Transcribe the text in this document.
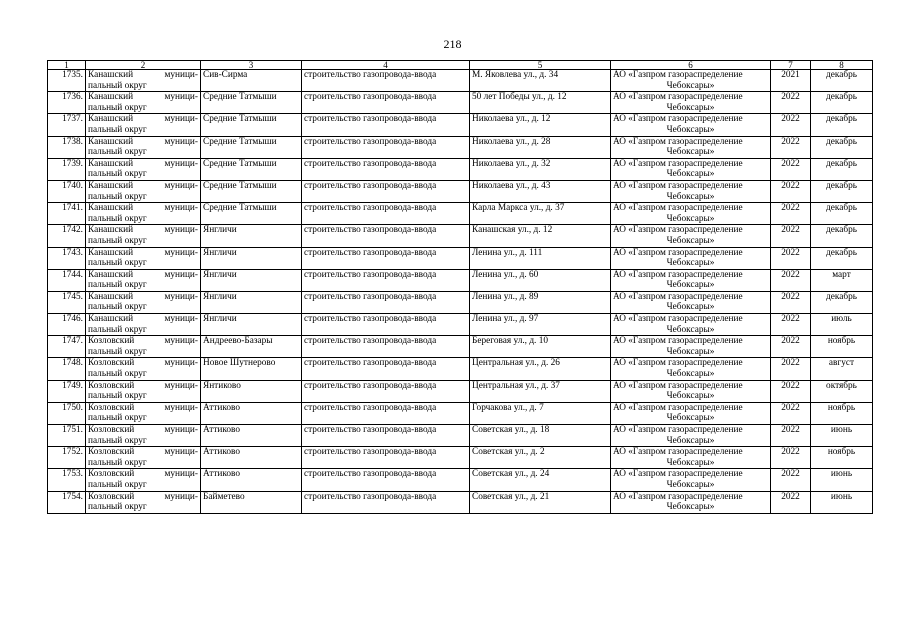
218
1	2	3	4	5	6	7	8
1735.	Канашский муници-
пальный округ	Сив-Сирма	строительство газопровода-ввода	М. Яковлева ул., д. 34	АО «Газпром газораспределение
Чебоксары»	2021	декабрь
1736.	Канашский муници-
пальный округ	Средние Татмыши	строительство газопровода-ввода	50 лет Победы ул., д. 12	АО «Газпром газораспределение
Чебоксары»	2022	декабрь
1737.	Канашский муници-
пальный округ	Средние Татмыши	строительство газопровода-ввода	Николаева ул., д. 12	АО «Газпром газораспределение
Чебоксары»	2022	декабрь
1738.	Канашский муници-
пальный округ	Средние Татмыши	строительство газопровода-ввода	Николаева ул., д. 28	АО «Газпром газораспределение
Чебоксары»	2022	декабрь
1739.	Канашский муници-
пальный округ	Средние Татмыши	строительство газопровода-ввода	Николаева ул., д. 32	АО «Газпром газораспределение
Чебоксары»	2022	декабрь
1740.	Канашский муници-
пальный округ	Средние Татмыши	строительство газопровода-ввода	Николаева ул., д. 43	АО «Газпром газораспределение
Чебоксары»	2022	декабрь
1741.	Канашский муници-
пальный округ	Средние Татмыши	строительство газопровода-ввода	Карла Маркса ул., д. 37	АО «Газпром газораспределение
Чебоксары»	2022	декабрь
1742.	Канашский муници-
пальный округ	Янгличи	строительство газопровода-ввода	Канашская ул., д. 12	АО «Газпром газораспределение
Чебоксары»	2022	декабрь
1743.	Канашский муници-
пальный округ	Янгличи	строительство газопровода-ввода	Ленина ул., д. 111	АО «Газпром газораспределение
Чебоксары»	2022	декабрь
1744.	Канашский муници-
пальный округ	Янгличи	строительство газопровода-ввода	Ленина ул., д. 60	АО «Газпром газораспределение
Чебоксары»	2022	март
1745.	Канашский муници-
пальный округ	Янгличи	строительство газопровода-ввода	Ленина ул., д. 89	АО «Газпром газораспределение
Чебоксары»	2022	декабрь
1746.	Канашский муници-
пальный округ	Янгличи	строительство газопровода-ввода	Ленина ул., д. 97	АО «Газпром газораспределение
Чебоксары»	2022	июль
1747.	Козловский муници-
пальный округ	Андреево-Базары	строительство газопровода-ввода	Береговая ул., д. 10	АО «Газпром газораспределение
Чебоксары»	2022	ноябрь
1748.	Козловский муници-
пальный округ	Новое Шутнерово	строительство газопровода-ввода	Центральная ул., д. 26	АО «Газпром газораспределение
Чебоксары»	2022	август
1749.	Козловский муници-
пальный округ	Янтиково	строительство газопровода-ввода	Центральная ул., д. 37	АО «Газпром газораспределение
Чебоксары»	2022	октябрь
1750.	Козловский муници-
пальный округ	Аттиково	строительство газопровода-ввода	Горчакова ул., д. 7	АО «Газпром газораспределение
Чебоксары»	2022	ноябрь
1751.	Козловский муници-
пальный округ	Аттиково	строительство газопровода-ввода	Советская ул., д. 18	АО «Газпром газораспределение
Чебоксары»	2022	июнь
1752.	Козловский муници-
пальный округ	Аттиково	строительство газопровода-ввода	Советская ул., д. 2	АО «Газпром газораспределение
Чебоксары»	2022	ноябрь
1753.	Козловский муници-
пальный округ	Аттиково	строительство газопровода-ввода	Советская ул., д. 24	АО «Газпром газораспределение
Чебоксары»	2022	июнь
1754.	Козловский муници-
пальный округ	Байметево	строительство газопровода-ввода	Советская ул., д. 21	АО «Газпром газораспределение
Чебоксары»	2022	июнь
